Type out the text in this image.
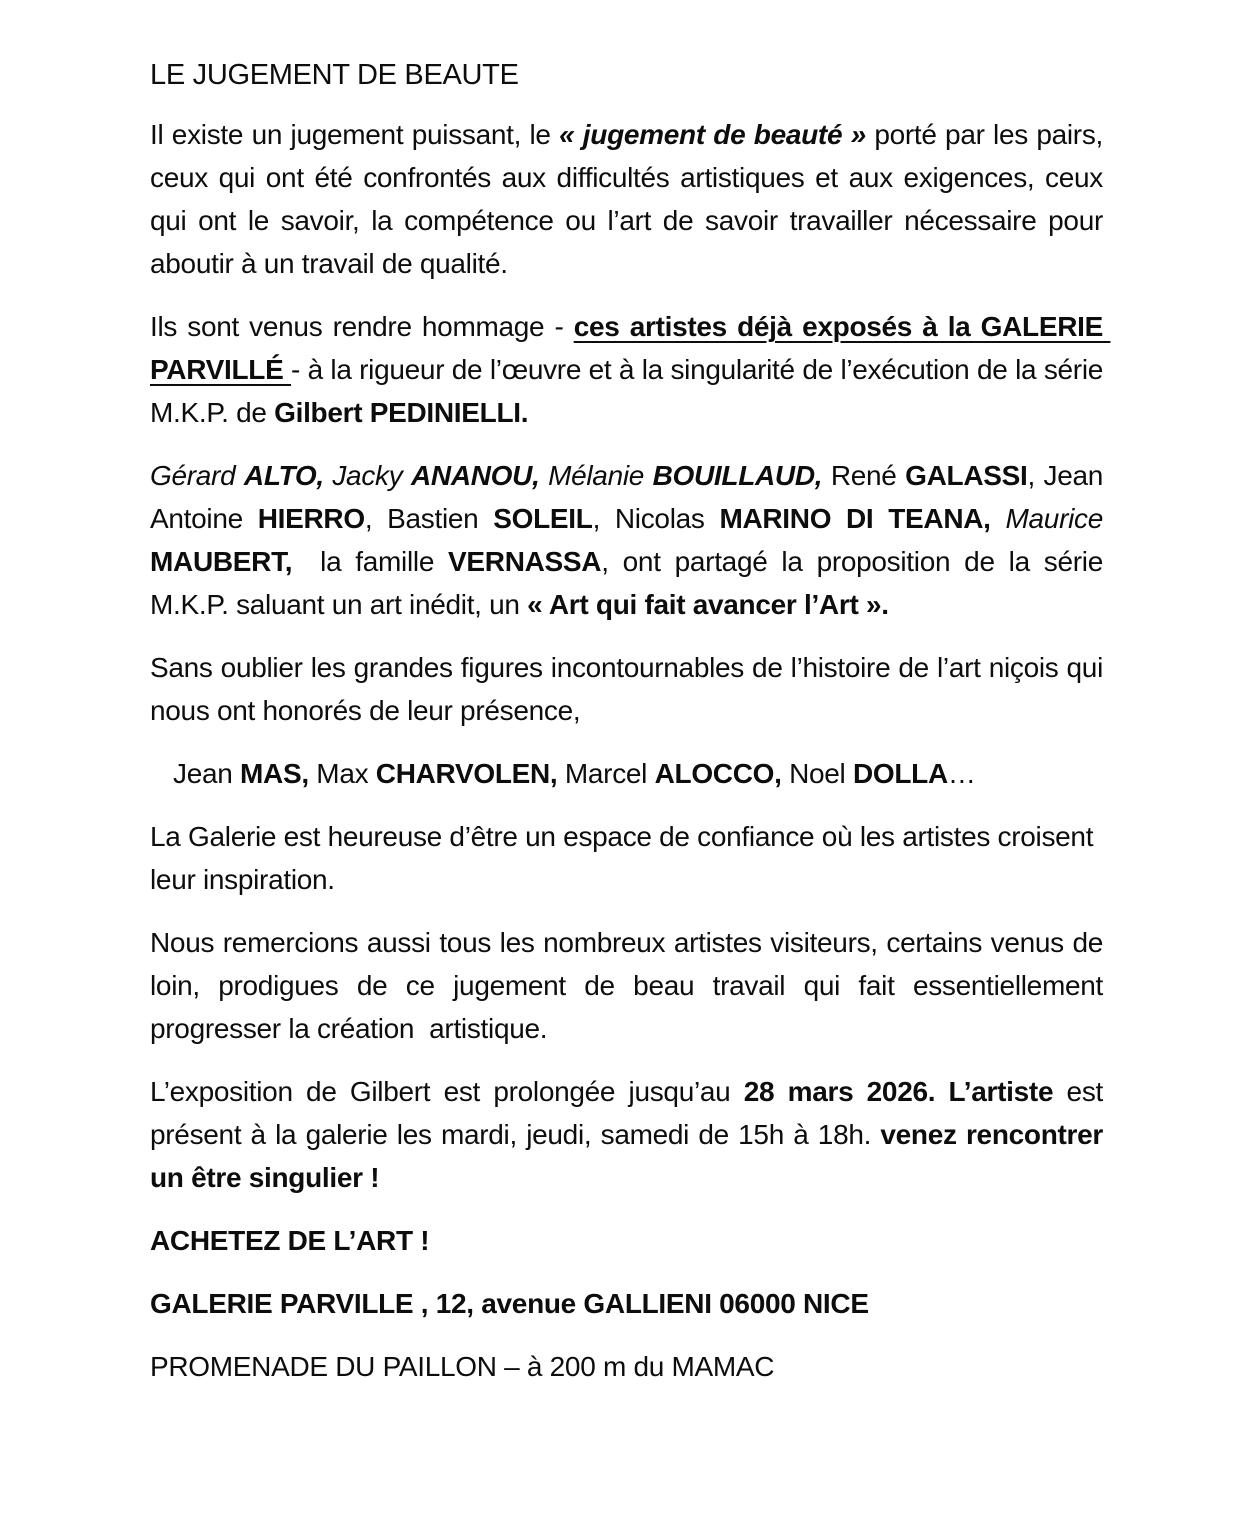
LE JUGEMENT DE BEAUTE

Il existe un jugement puissant, le « jugement de beauté » porté par les pairs, ceux qui ont été confrontés aux difficultés artistiques et aux exigences, ceux qui ont le savoir, la compétence ou l’art de savoir travailler nécessaire pour aboutir à un travail de qualité.

Ils sont venus rendre hommage - ces artistes déjà exposés à la GALERIE PARVILLÉ - à la rigueur de l’œuvre et à la singularité de l’exécution de la série M.K.P. de Gilbert PEDINIELLI.

Gérard ALTO, Jacky ANANOU, Mélanie BOUILLAUD, René GALASSI, Jean Antoine HIERRO, Bastien SOLEIL, Nicolas MARINO DI TEANA, Maurice MAUBERT,  la famille VERNASSA, ont partagé la proposition de la série M.K.P. saluant un art inédit, un « Art qui fait avancer l’Art ».

Sans oublier les grandes figures incontournables de l’histoire de l’art niçois qui nous ont honorés de leur présence,

Jean MAS, Max CHARVOLEN, Marcel ALOCCO, Noel DOLLA…

La Galerie est heureuse d’être un espace de confiance où les artistes croisent leur inspiration.

Nous remercions aussi tous les nombreux artistes visiteurs, certains venus de loin, prodigues de ce jugement de beau travail qui fait essentiellement progresser la création  artistique.

L’exposition de Gilbert est prolongée jusqu’au 28 mars 2026. L’artiste est présent à la galerie les mardi, jeudi, samedi de 15h à 18h. venez rencontrer un être singulier !

ACHETEZ DE L’ART !

GALERIE PARVILLE , 12, avenue GALLIENI 06000 NICE

PROMENADE DU PAILLON – à 200 m du MAMAC
